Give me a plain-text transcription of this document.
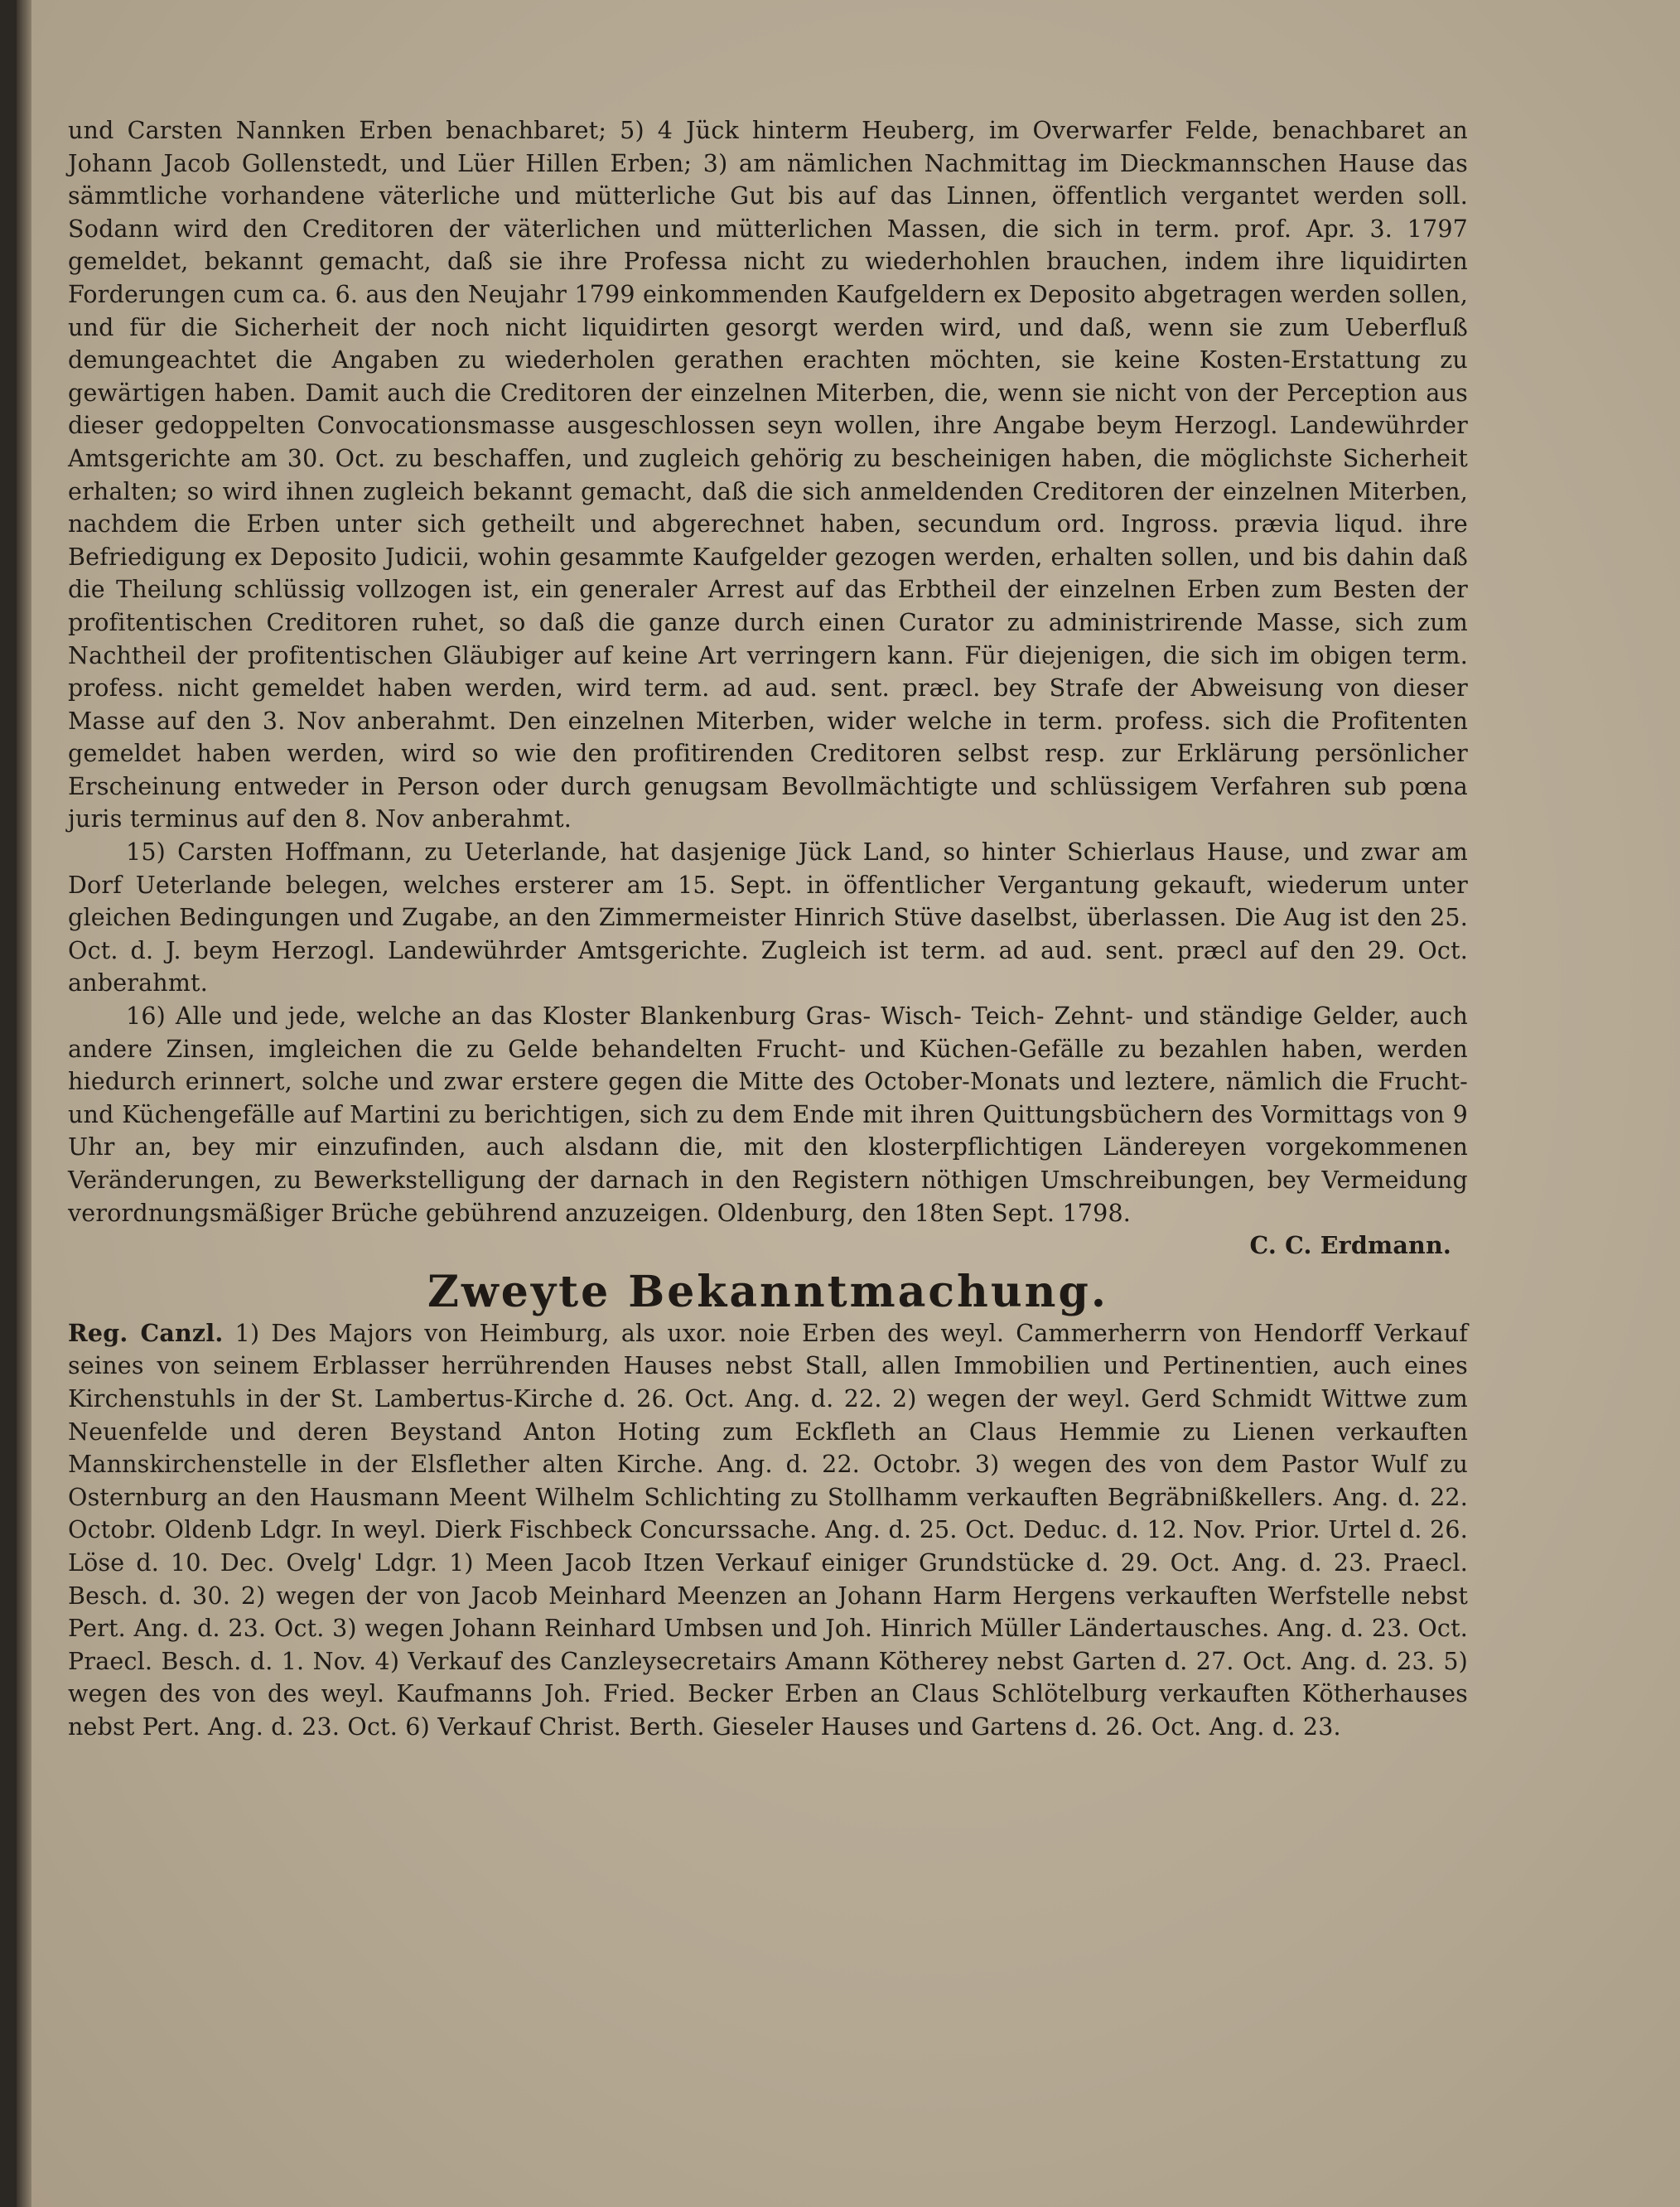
und Carsten Nannken Erben benachbaret; 5) 4 Jück hinterm Heuberg, im Overwarfer Felde, benachbaret an Johann Jacob Gollenstedt, und Lüer Hillen Erben; 3) am nämlichen Nachmittag im Dieckmannschen Hause das sämmtliche vorhandene väterliche und mütterliche Gut bis auf das Linnen, öffentlich vergantet werden soll. Sodann wird den Creditoren der väterlichen und mütterlichen Massen, die sich in term. prof. Apr. 3. 1797 gemeldet, bekannt gemacht, daß sie ihre Professa nicht zu wiederhohlen brauchen, indem ihre liquidirten Forderungen cum ca. 6. aus den Neujahr 1799 einkommenden Kaufgeldern ex Deposito abgetragen werden sollen, und für die Sicherheit der noch nicht liquidirten gesorgt werden wird, und daß, wenn sie zum Ueberfluß demungeachtet die Angaben zu wiederholen gerathen erachten möchten, sie keine Kosten-Erstattung zu gewärtigen haben. Damit auch die Creditoren der einzelnen Miterben, die, wenn sie nicht von der Perception aus dieser gedoppelten Convocationsmasse ausgeschlossen seyn wollen, ihre Angabe beym Herzogl. Landewührder Amtsgerichte am 30. Oct. zu beschaffen, und zugleich gehörig zu bescheinigen haben, die möglichste Sicherheit erhalten; so wird ihnen zugleich bekannt gemacht, daß die sich anmeldenden Creditoren der einzelnen Miterben, nachdem die Erben unter sich getheilt und abgerechnet haben, secundum ord. Ingross. prævia liqud. ihre Befriedigung ex Deposito Judicii, wohin gesammte Kaufgelder gezogen werden, erhalten sollen, und bis dahin daß die Theilung schlüssig vollzogen ist, ein generaler Arrest auf das Erbtheil der einzelnen Erben zum Besten der profitentischen Creditoren ruhet, so daß die ganze durch einen Curator zu administrirende Masse, sich zum Nachtheil der profitentischen Gläubiger auf keine Art verringern kann. Für diejenigen, die sich im obigen term. profess. nicht gemeldet haben werden, wird term. ad aud. sent. præcl. bey Strafe der Abweisung von dieser Masse auf den 3. Nov anberahmt. Den einzelnen Miterben, wider welche in term. profess. sich die Profitenten gemeldet haben werden, wird so wie den profitirenden Creditoren selbst resp. zur Erklärung persönlicher Erscheinung entweder in Person oder durch genugsam Bevollmächtigte und schlüssigem Verfahren sub pœna juris terminus auf den 8. Nov anberahmt.

15) Carsten Hoffmann, zu Ueterlande, hat dasjenige Jück Land, so hinter Schierlaus Hause, und zwar am Dorf Ueterlande belegen, welches ersterer am 15. Sept. in öffentlicher Vergantung gekauft, wiederum unter gleichen Bedingungen und Zugabe, an den Zimmermeister Hinrich Stüve daselbst, überlassen. Die Aug ist den 25. Oct. d. J. beym Herzogl. Landewührder Amtsgerichte. Zugleich ist term. ad aud. sent. præcl auf den 29. Oct. anberahmt.

16) Alle und jede, welche an das Kloster Blankenburg Gras- Wisch- Teich- Zehnt- und ständige Gelder, auch andere Zinsen, imgleichen die zu Gelde behandelten Frucht- und Küchen-Gefälle zu bezahlen haben, werden hiedurch erinnert, solche und zwar erstere gegen die Mitte des October-Monats und leztere, nämlich die Frucht- und Küchengefälle auf Martini zu berichtigen, sich zu dem Ende mit ihren Quittungsbüchern des Vormittags von 9 Uhr an, bey mir einzufinden, auch alsdann die, mit den klosterpflichtigen Ländereyen vorgekommenen Veränderungen, zu Bewerkstelligung der darnach in den Registern nöthigen Umschreibungen, bey Vermeidung verordnungsmäßiger Brüche gebührend anzuzeigen. Oldenburg, den 18ten Sept. 1798.

C. C. Erdmann.

Zweyte Bekanntmachung.

Reg. Canzl. 1) Des Majors von Heimburg, als uxor. noie Erben des weyl. Cammerherrn von Hendorff Verkauf seines von seinem Erblasser herrührenden Hauses nebst Stall, allen Immobilien und Pertinentien, auch eines Kirchenstuhls in der St. Lambertus-Kirche d. 26. Oct. Ang. d. 22. 2) wegen der weyl. Gerd Schmidt Wittwe zum Neuenfelde und deren Beystand Anton Hoting zum Eckfleth an Claus Hemmie zu Lienen verkauften Mannskirchenstelle in der Elsflether alten Kirche. Ang. d. 22. Octobr. 3) wegen des von dem Pastor Wulf zu Osternburg an den Hausmann Meent Wilhelm Schlichting zu Stollhamm verkauften Begräbnißkellers. Ang. d. 22. Octobr. Oldenb Ldgr. In weyl. Dierk Fischbeck Concurssache. Ang. d. 25. Oct. Deduc. d. 12. Nov. Prior. Urtel d. 26. Löse d. 10. Dec. Ovelg' Ldgr. 1) Meen Jacob Itzen Verkauf einiger Grundstücke d. 29. Oct. Ang. d. 23. Praecl. Besch. d. 30. 2) wegen der von Jacob Meinhard Meenzen an Johann Harm Hergens verkauften Werfstelle nebst Pert. Ang. d. 23. Oct. 3) wegen Johann Reinhard Umbsen und Joh. Hinrich Müller Ländertausches. Ang. d. 23. Oct. Praecl. Besch. d. 1. Nov. 4) Verkauf des Canzleysecretairs Amann Kötherey nebst Garten d. 27. Oct. Ang. d. 23. 5) wegen des von des weyl. Kaufmanns Joh. Fried. Becker Erben an Claus Schlötelburg verkauften Kötherhauses nebst Pert. Ang. d. 23. Oct. 6) Verkauf Christ. Berth. Gieseler Hauses und Gartens d. 26. Oct. Ang. d. 23.
